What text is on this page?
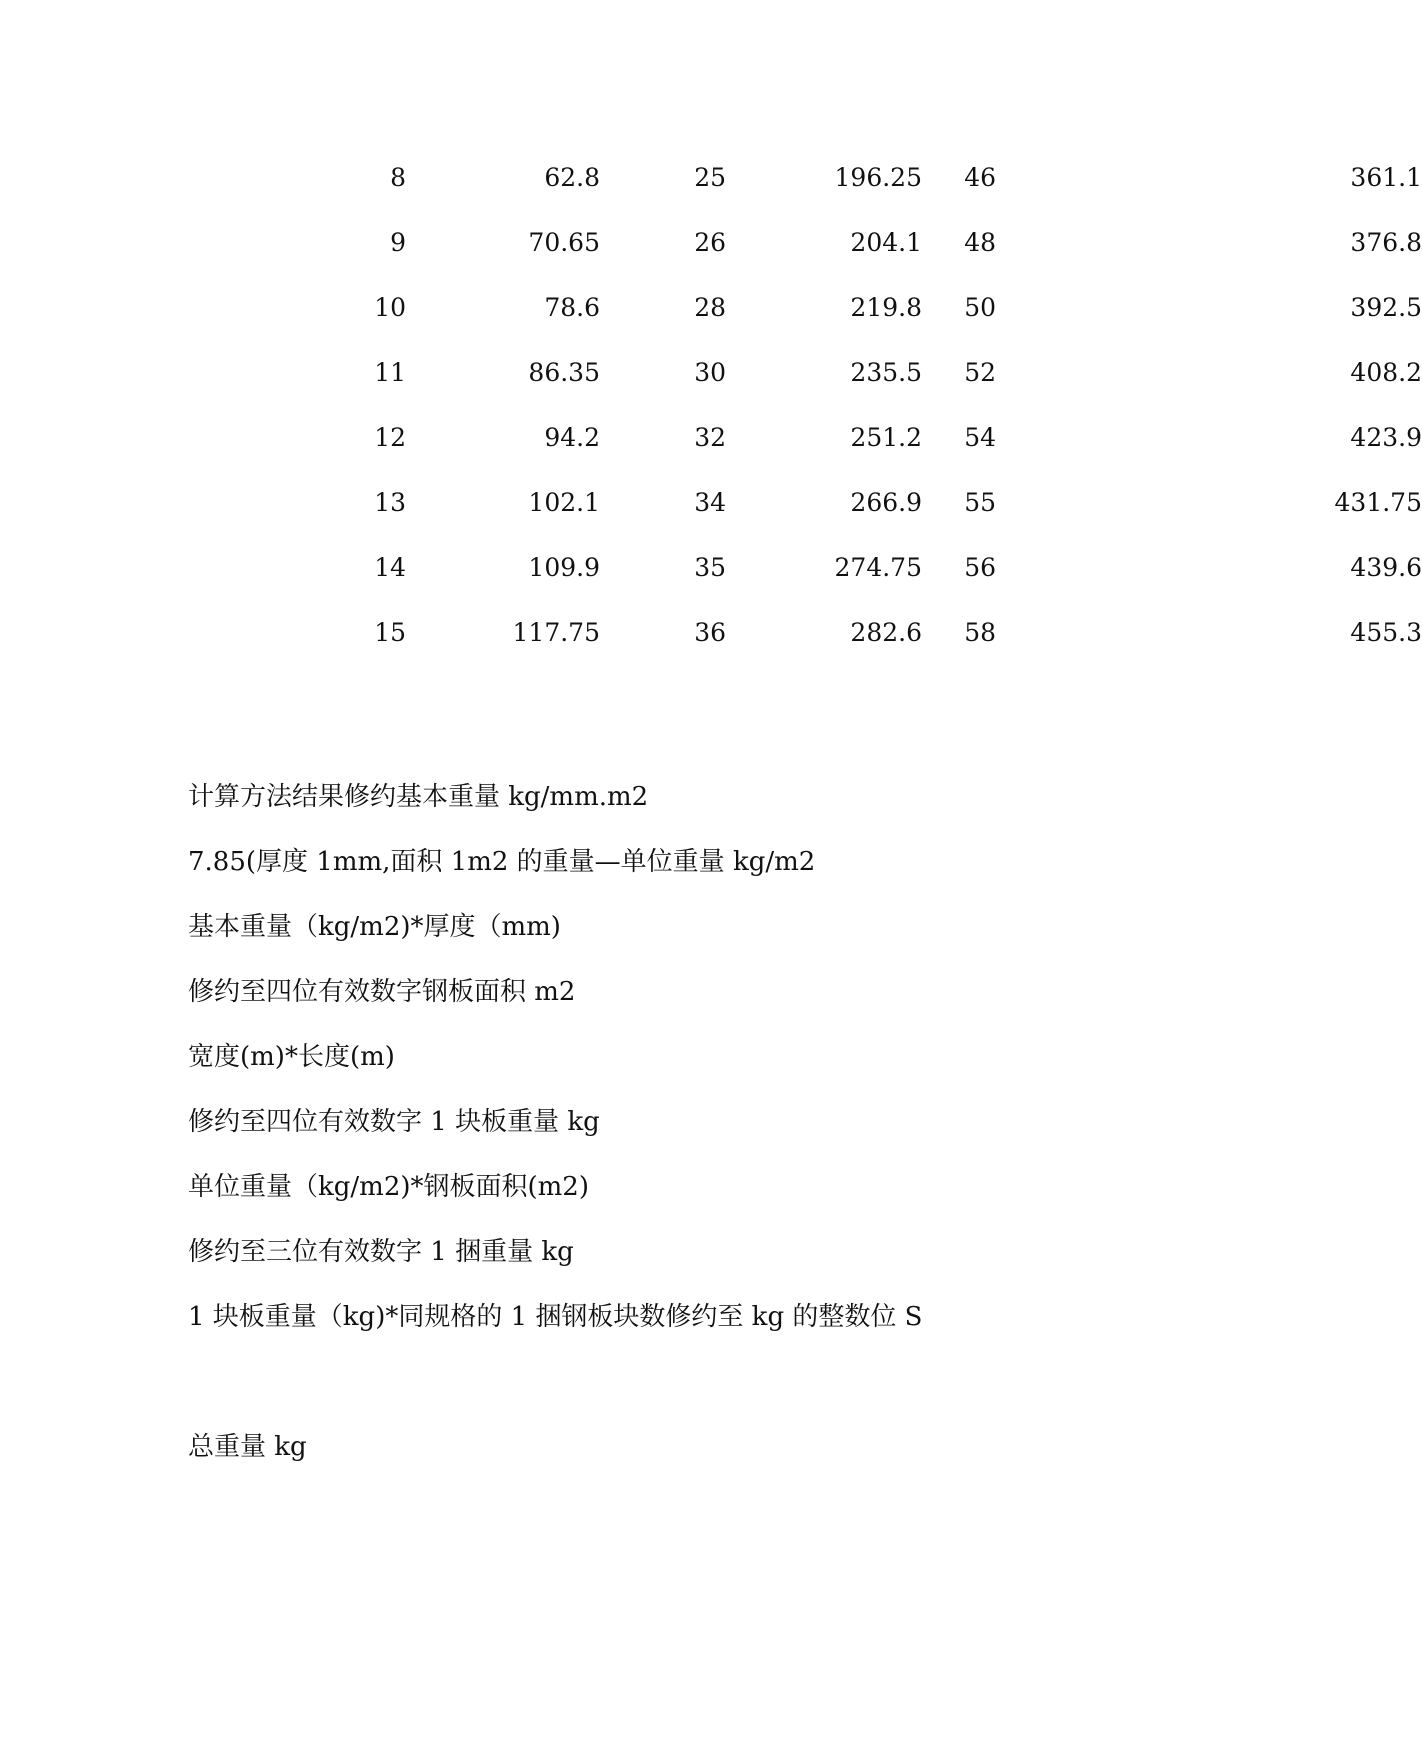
8	62.8	25	196.25	46	361.1
9	70.65	26	204.1	48	376.8
10	78.6	28	219.8	50	392.5
11	86.35	30	235.5	52	408.2
12	94.2	32	251.2	54	423.9
13	102.1	34	266.9	55	431.75
14	109.9	35	274.75	56	439.6
15	117.75	36	282.6	58	455.3
计算方法结果修约基本重量 kg/mm.m2
7.85(厚度 1mm,面积 1m2 的重量—单位重量 kg/m2
基本重量（kg/m2)*厚度（mm)
修约至四位有效数字钢板面积 m2
宽度(m)*长度(m)
修约至四位有效数字 1 块板重量 kg
单位重量（kg/m2)*钢板面积(m2)
修约至三位有效数字 1 捆重量 kg
1 块板重量（kg)*同规格的 1 捆钢板块数修约至 kg 的整数位 S
总重量 kg
